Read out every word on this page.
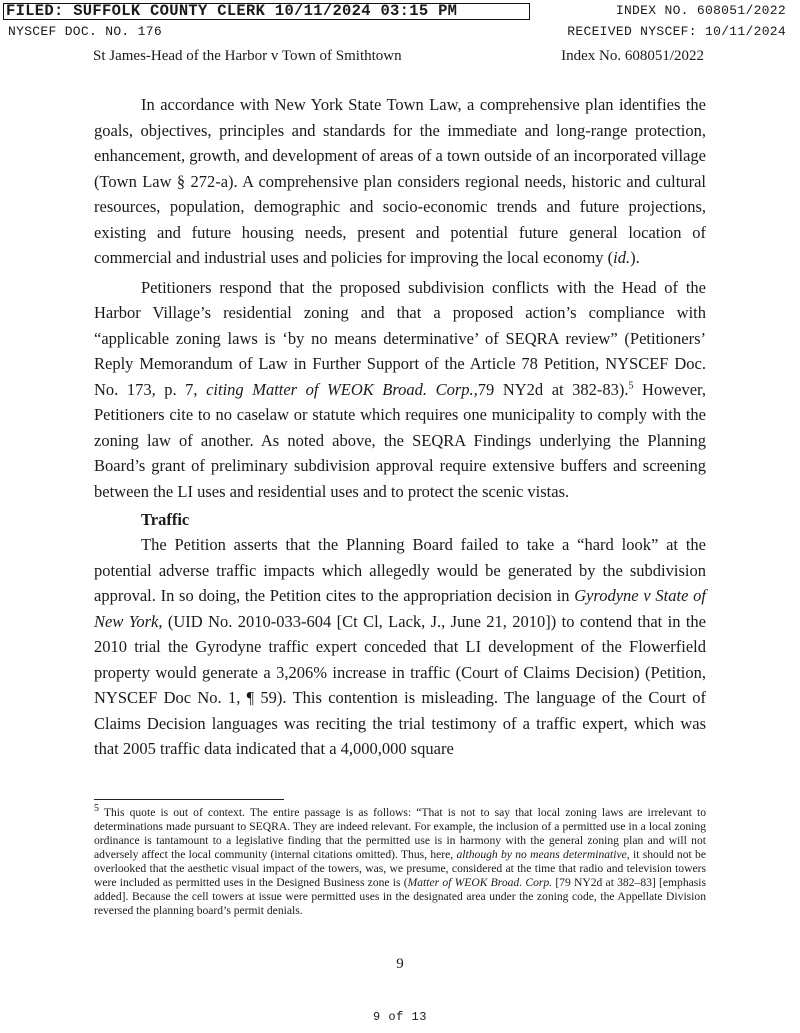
FILED: SUFFOLK COUNTY CLERK 10/11/2024 03:15 PM	INDEX NO. 608051/2022
NYSCEF DOC. NO. 176	RECEIVED NYSCEF: 10/11/2024
St James-Head of the Harbor v Town of Smithtown	Index No. 608051/2022

In accordance with New York State Town Law, a comprehensive plan identifies the goals, objectives, principles and standards for the immediate and long-range protection, enhancement, growth, and development of areas of a town outside of an incorporated village (Town Law § 272-a). A comprehensive plan considers regional needs, historic and cultural resources, population, demographic and socio-economic trends and future projections, existing and future housing needs, present and potential future general location of commercial and industrial uses and policies for improving the local economy (id.).

Petitioners respond that the proposed subdivision conflicts with the Head of the Harbor Village’s residential zoning and that a proposed action’s compliance with “applicable zoning laws is ‘by no means determinative’ of SEQRA review” (Petitioners’ Reply Memorandum of Law in Further Support of the Article 78 Petition, NYSCEF Doc. No. 173, p. 7, citing Matter of WEOK Broad. Corp.,79 NY2d at 382-83).$^5$ However, Petitioners cite to no caselaw or statute which requires one municipality to comply with the zoning law of another. As noted above, the SEQRA Findings underlying the Planning Board’s grant of preliminary subdivision approval require extensive buffers and screening between the LI uses and residential uses and to protect the scenic vistas.

Traffic

The Petition asserts that the Planning Board failed to take a “hard look” at the potential adverse traffic impacts which allegedly would be generated by the subdivision approval. In so doing, the Petition cites to the appropriation decision in Gyrodyne v State of New York, (UID No. 2010-033-604 [Ct Cl, Lack, J., June 21, 2010]) to contend that in the 2010 trial the Gyrodyne traffic expert conceded that LI development of the Flowerfield property would generate a 3,206% increase in traffic (Court of Claims Decision) (Petition, NYSCEF Doc No. 1, ¶ 59). This contention is misleading. The language of the Court of Claims Decision languages was reciting the trial testimony of a traffic expert, which was that 2005 traffic data indicated that a 4,000,000 square

$^5$ This quote is out of context. The entire passage is as follows: “That is not to say that local zoning laws are irrelevant to determinations made pursuant to SEQRA. They are indeed relevant. For example, the inclusion of a permitted use in a local zoning ordinance is tantamount to a legislative finding that the permitted use is in harmony with the general zoning plan and will not adversely affect the local community (internal citations omitted). Thus, here, although by no means determinative, it should not be overlooked that the aesthetic visual impact of the towers, was, we presume, considered at the time that radio and television towers were included as permitted uses in the Designed Business zone is (Matter of WEOK Broad. Corp. [79 NY2d at 382–83] [emphasis added]. Because the cell towers at issue were permitted uses in the designated area under the zoning code, the Appellate Division reversed the planning board’s permit denials.
9
9 of 13
